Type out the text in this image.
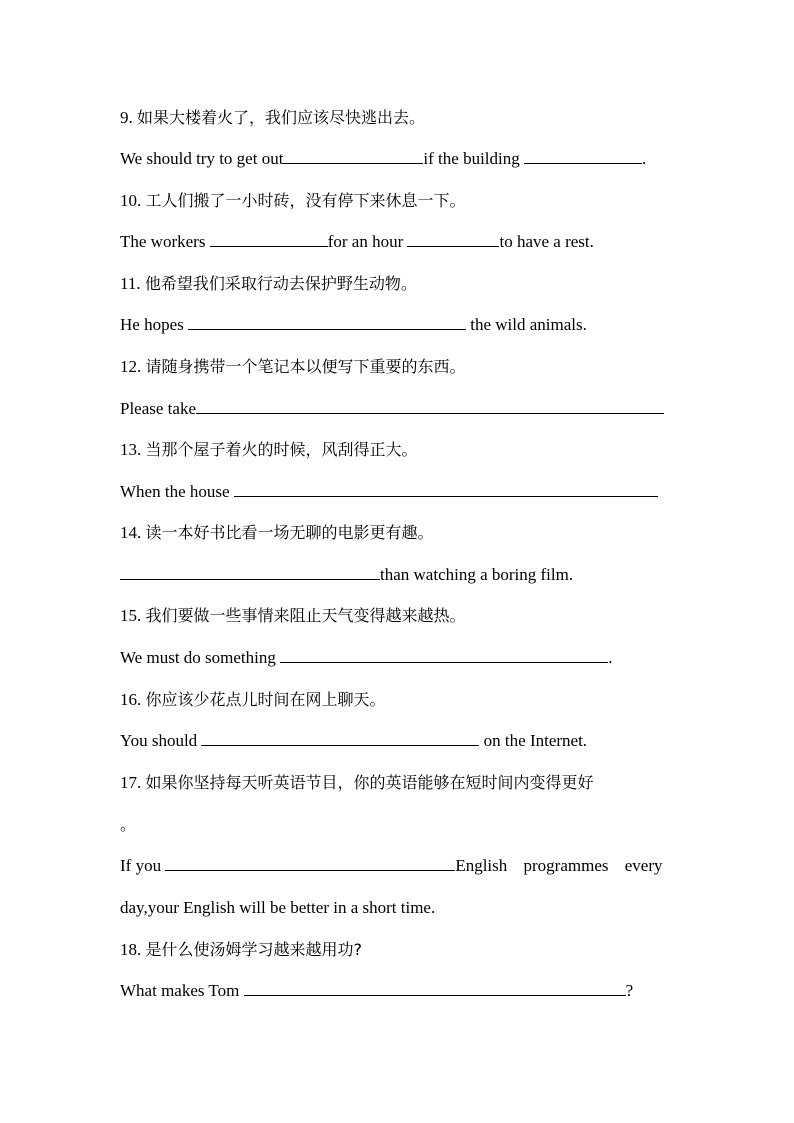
9. 如果大楼着火了，我们应该尽快逃出去。
We should try to get out	if the building	.
10. 工人们搬了一小时砖，没有停下来休息一下。
The workers	for an hour	to have a rest.
11. 他希望我们采取行动去保护野生动物。
He hopes	the wild animals.
12. 请随身携带一个笔记本以便写下重要的东西。
Please take
13. 当那个屋子着火的时候，风刮得正大。
When the house
14. 读一本好书比看一场无聊的电影更有趣。
than watching a boring film.
15. 我们要做一些事情来阻止天气变得越来越热。
We must do something	.
16. 你应该少花点儿时间在网上聊天。
You should	on the Internet.
17. 如果你坚持每天听英语节目，你的英语能够在短时间内变得更好
。
If you	English programmes every
day,your English will be better in a short time.
18. 是什么使汤姆学习越来越用功?
What makes Tom	?
